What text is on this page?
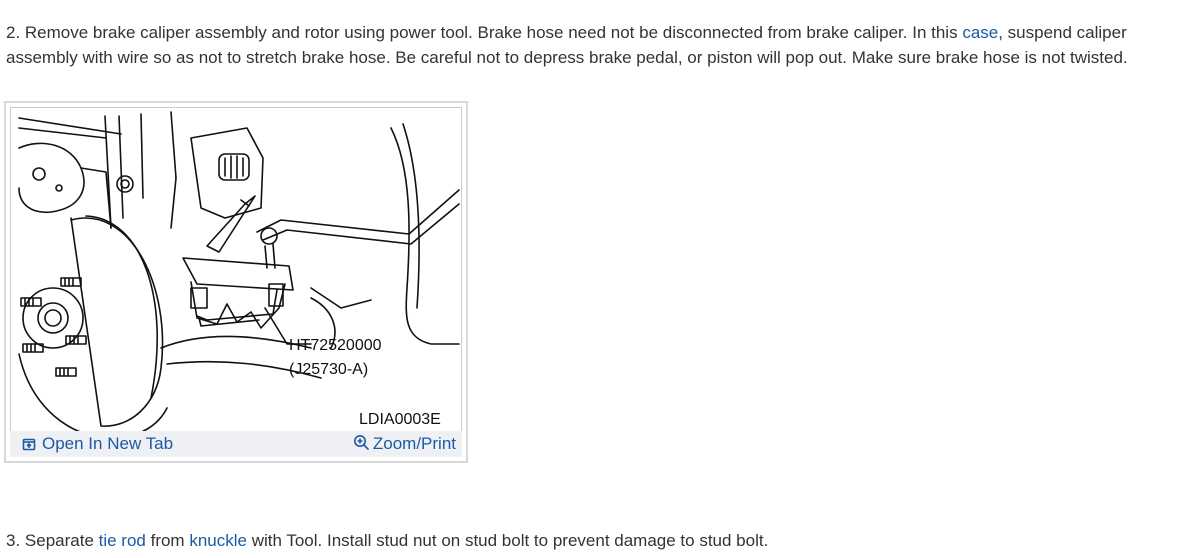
2. Remove brake caliper assembly and rotor using power tool. Brake hose need not be disconnected from brake caliper. In this case, suspend caliper assembly with wire so as not to stretch brake hose. Be careful not to depress brake pedal, or piston will pop out. Make sure brake hose is not twisted.

HT72520000
(J25730-A)
LDIA0003E
Open In New Tab	Zoom/Print

3. Separate tie rod from knuckle with Tool. Install stud nut on stud bolt to prevent damage to stud bolt.
